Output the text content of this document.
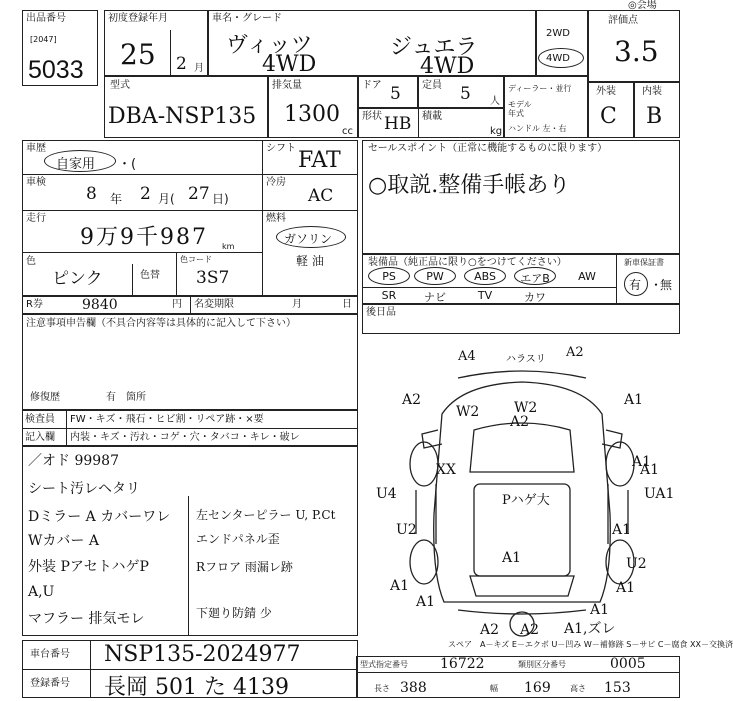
出品番号
[2047]
5033
初度登録年月
25 2 月
車名・グレード
ヴィッツ
4WD
ジュエラ
4WD
2WD
4WD
評価点
3.5
◎会場
型式
DBA-NSP135
排気量
1300
cc
ドア 5 定員 5 人
形状 HB 積載
kg
ディーラー・並行
モデル年式
ハンドル 左・右
外装
C
内装
B
車歴
自家用 ・(
車検
8 年 2 月( 27 日)
走行
9万9千987 km
色
ピンク	色替
色コード
3S7
シフト FAT
冷房
AC
燃料
ガソリン
軽 油
R券	9840	円 名変期限	月	日
セールスポイント（正常に機能するものに限ります）
○取説.整備手帳あり
装備品（純正品に限り○をつけてください）	新車保証書
PS	PW	ABS	エアB	AW
SR	ナビ	TV	カワ
有 ・
無
後日品
注意事項申告欄（不具合内容等は具体的に記入して下さい）
修復歴	有 箇所
検査員 FW・キズ・飛石・ヒビ割・リペア跡・×要
記入欄 内装・キズ・汚れ・コゲ・穴・タバコ・キレ・破レ
／オド 99987
シート汚レヘタリ
Dミラー A カバーワレ
Wカバー A
外装 PアセトハゲP
A,U
マフラー 排気モレ
左センターピラー U, P.Ct
エンドパネル歪
Rフロア 雨漏レ跡
下廻り防錆 少
A4	ハラスリ A2
Pハゲ大
A2
W2 W2
A2
A1
XX
U4
U2
A1
A1
A1
UA1
A1
U2
A1	A1
A1
A2
A1
A1,ズレ
A2
スペア A－キズ E－エクボ U－凹み W－補修跡 S－サビ C－腐食 XX－交換済
車台番号 NSP135-2024977
登録番号 長岡 501 た 4139
型式指定番号 16722	類別区分番号	0005
長さ 388	幅 169 高さ 153
